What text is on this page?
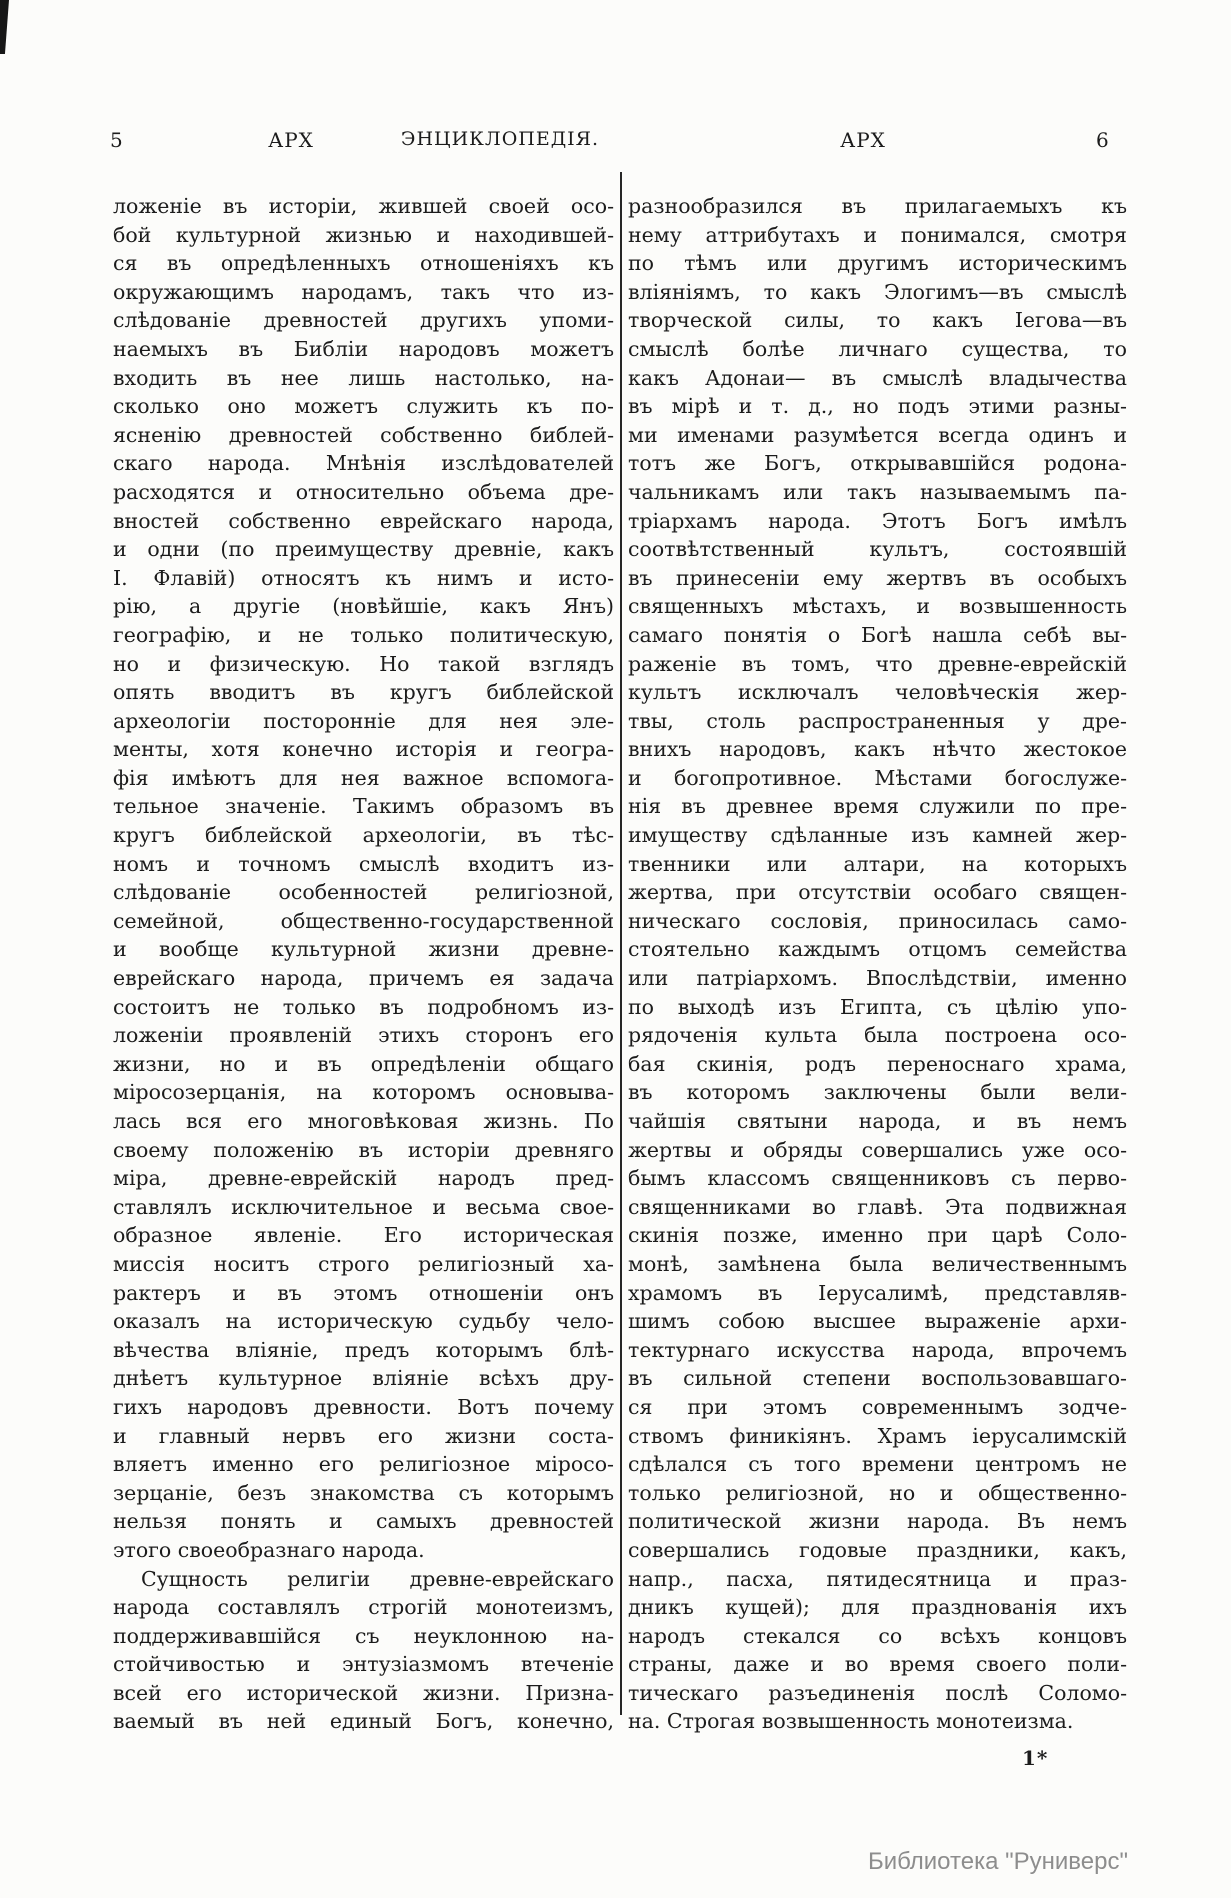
5	АРХ	ЭНЦИКЛОПЕДІЯ.	АРХ	6
ложеніе въ исторіи, жившей своей осо-
бой культурной жизнью и находившей-
ся въ опредѣленныхъ отношеніяхъ къ
окружающимъ народамъ, такъ что из-
слѣдованіе древностей другихъ упоми-
наемыхъ въ Библіи народовъ можетъ
входить въ нее лишь настолько, на-
сколько оно можетъ служить къ по-
ясненію древностей собственно библей-
скаго народа. Мнѣнія изслѣдователей
расходятся и относительно объема дре-
вностей собственно еврейскаго народа,
и одни (по преимуществу древніе, какъ
І. Флавій) относятъ къ нимъ и исто-
рію, а другіе (новѣйшіе, какъ Янъ)
географію, и не только политическую,
но и физическую. Но такой взглядъ
опять вводитъ въ кругъ библейской
археологіи посторонніе для нея эле-
менты, хотя конечно исторія и геогра-
фія имѣютъ для нея важное вспомога-
тельное значеніе. Такимъ образомъ въ
кругъ библейской археологіи, въ тѣс-
номъ и точномъ смыслѣ входитъ из-
слѣдованіе особенностей религіозной,
семейной, общественно-государственной
и вообще культурной жизни древне-
еврейскаго народа, причемъ ея задача
состоитъ не только въ подробномъ из-
ложеніи проявленій этихъ сторонъ его
жизни, но и въ опредѣленіи общаго
міросозерцанія, на которомъ основыва-
лась вся его многовѣковая жизнь. По
своему положенію въ исторіи древняго
міра, древне-еврейскій народъ пред-
ставлялъ исключительное и весьма свое-
образное явленіе. Его историческая
миссія носитъ строго религіозный ха-
рактеръ и въ этомъ отношеніи онъ
оказалъ на историческую судьбу чело-
вѣчества вліяніе, предъ которымъ блѣ-
днѣетъ культурное вліяніе всѣхъ дру-
гихъ народовъ древности. Вотъ почему
и главный нервъ его жизни соста-
вляетъ именно его религіозное міросо-
зерцаніе, безъ знакомства съ которымъ
нельзя понять и самыхъ древностей
этого своеобразнаго народа.
Сущность религіи древне-еврейскаго
народа составлялъ строгій монотеизмъ,
поддерживавшійся съ неуклонною на-
стойчивостью и энтузіазмомъ втеченіе
всей его исторической жизни. Призна-
ваемый въ ней единый Богъ, конечно,
разнообразился въ прилагаемыхъ къ
нему аттрибутахъ и понимался, смотря
по тѣмъ или другимъ историческимъ
вліяніямъ, то какъ Элогимъ—въ смыслѣ
творческой силы, то какъ Іегова—въ
смыслѣ болѣе личнаго существа, то
какъ Адонаи— въ смыслѣ владычества
въ мірѣ и т. д., но подъ этими разны-
ми именами разумѣется всегда одинъ и
тотъ же Богъ, открывавшійся родона-
чальникамъ или такъ называемымъ па-
тріархамъ народа. Этотъ Богъ имѣлъ
соотвѣтственный культъ, состоявшій
въ принесеніи ему жертвъ въ особыхъ
священныхъ мѣстахъ, и возвышенность
самаго понятія о Богѣ нашла себѣ вы-
раженіе въ томъ, что древне-еврейскій
культъ исключалъ человѣческія жер-
твы, столь распространенныя у дре-
внихъ народовъ, какъ нѣчто жестокое
и богопротивное. Мѣстами богослуже-
нія въ древнее время служили по пре-
имуществу сдѣланные изъ камней жер-
твенники или алтари, на которыхъ
жертва, при отсутствіи особаго священ-
ническаго сословія, приносилась само-
стоятельно каждымъ отцомъ семейства
или патріархомъ. Впослѣдствіи, именно
по выходѣ изъ Египта, съ цѣлію упо-
рядоченія культа была построена осо-
бая скинія, родъ переноснаго храма,
въ которомъ заключены были вели-
чайшія святыни народа, и въ немъ
жертвы и обряды совершались уже осо-
бымъ классомъ священниковъ съ перво-
священниками во главѣ. Эта подвижная
скинія позже, именно при царѣ Соло-
монѣ, замѣнена была величественнымъ
храмомъ въ Іерусалимѣ, представляв-
шимъ собою высшее выраженіе архи-
тектурнаго искусства народа, впрочемъ
въ сильной степени воспользовавшаго-
ся при этомъ современнымъ зодче-
ствомъ финикіянъ. Храмъ іерусалимскій
сдѣлался съ того времени центромъ не
только религіозной, но и общественно-
политической жизни народа. Въ немъ
совершались годовые праздники, какъ,
напр., пасха, пятидесятница и праз-
дникъ кущей); для празднованія ихъ
народъ стекался со всѣхъ концовъ
страны, даже и во время своего поли-
тическаго разъединенія послѣ Соломо-
на. Строгая возвышенность монотеизма.
1*
Библиотека "Руниверс"
